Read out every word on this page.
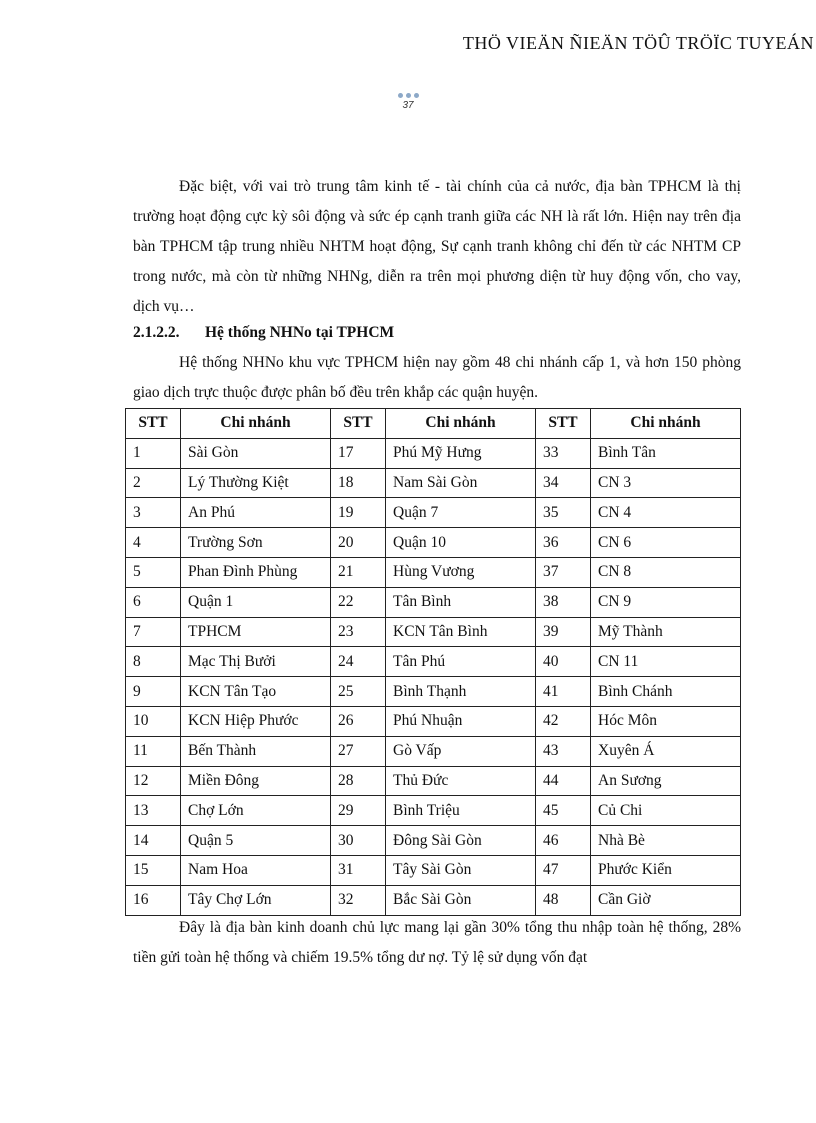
THÖ VIEÄN ÑIEÄN TÖÛ TRÖÏC TUYEÁN
37

Đặc biệt, với vai trò trung tâm kinh tế - tài chính của cả nước, địa bàn TPHCM là thị trường hoạt động cực kỳ sôi động và sức ép cạnh tranh giữa các NH là rất lớn. Hiện nay trên địa bàn TPHCM tập trung nhiều NHTM hoạt động, Sự cạnh tranh không chỉ đến từ các NHTM CP trong nước, mà còn từ những NHNg, diễn ra trên mọi phương diện từ huy động vốn, cho vay, dịch vụ…

2.1.2.2. Hệ thống NHNo tại TPHCM

Hệ thống NHNo khu vực TPHCM hiện nay gồm 48 chi nhánh cấp 1, và hơn 150 phòng giao dịch trực thuộc được phân bố đều trên khắp các quận huyện.

STT	Chi nhánh	STT	Chi nhánh	STT	Chi nhánh
1	Sài Gòn	17	Phú Mỹ Hưng	33	Bình Tân
2	Lý Thường Kiệt	18	Nam Sài Gòn	34	CN 3
3	An Phú	19	Quận 7	35	CN 4
4	Trường Sơn	20	Quận 10	36	CN 6
5	Phan Đình Phùng	21	Hùng Vương	37	CN 8
6	Quận 1	22	Tân Bình	38	CN 9
7	TPHCM	23	KCN Tân Bình	39	Mỹ Thành
8	Mạc Thị Bưởi	24	Tân Phú	40	CN 11
9	KCN Tân Tạo	25	Bình Thạnh	41	Bình Chánh
10	KCN Hiệp Phước	26	Phú Nhuận	42	Hóc Môn
11	Bến Thành	27	Gò Vấp	43	Xuyên Á
12	Miền Đông	28	Thủ Đức	44	An Sương
13	Chợ Lớn	29	Bình Triệu	45	Củ Chi
14	Quận 5	30	Đông Sài Gòn	46	Nhà Bè
15	Nam Hoa	31	Tây Sài Gòn	47	Phước Kiển
16	Tây Chợ Lớn	32	Bắc Sài Gòn	48	Cần Giờ

Đây là địa bàn kinh doanh chủ lực mang lại gần 30% tổng thu nhập toàn hệ thống, 28% tiền gửi toàn hệ thống và chiếm 19.5% tổng dư nợ. Tỷ lệ sử dụng vốn đạt
